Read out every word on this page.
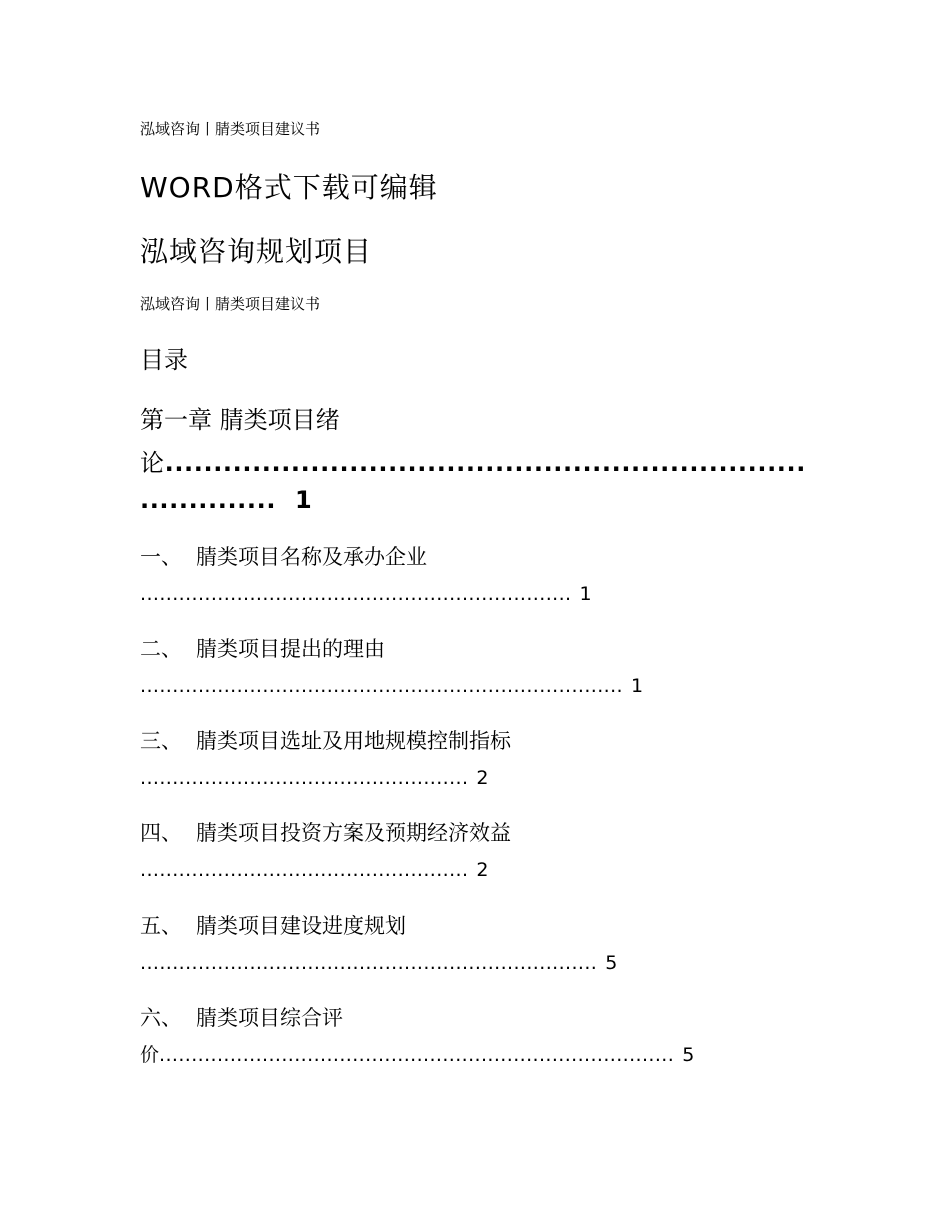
泓域咨询丨腈类项目建议书
WORD格式下载可编辑
泓域咨询规划项目
泓域咨询丨腈类项目建议书
目录
第一章 腈类项目绪
论..................................................................
.............. 1
一、 腈类项目名称及承办企业
................................................................... 1
二、 腈类项目提出的理由
........................................................................... 1
三、 腈类项目选址及用地规模控制指标
................................................... 2
四、 腈类项目投资方案及预期经济效益
................................................... 2
五、 腈类项目建设进度规划
....................................................................... 5
六、 腈类项目综合评
价................................................................................ 5
